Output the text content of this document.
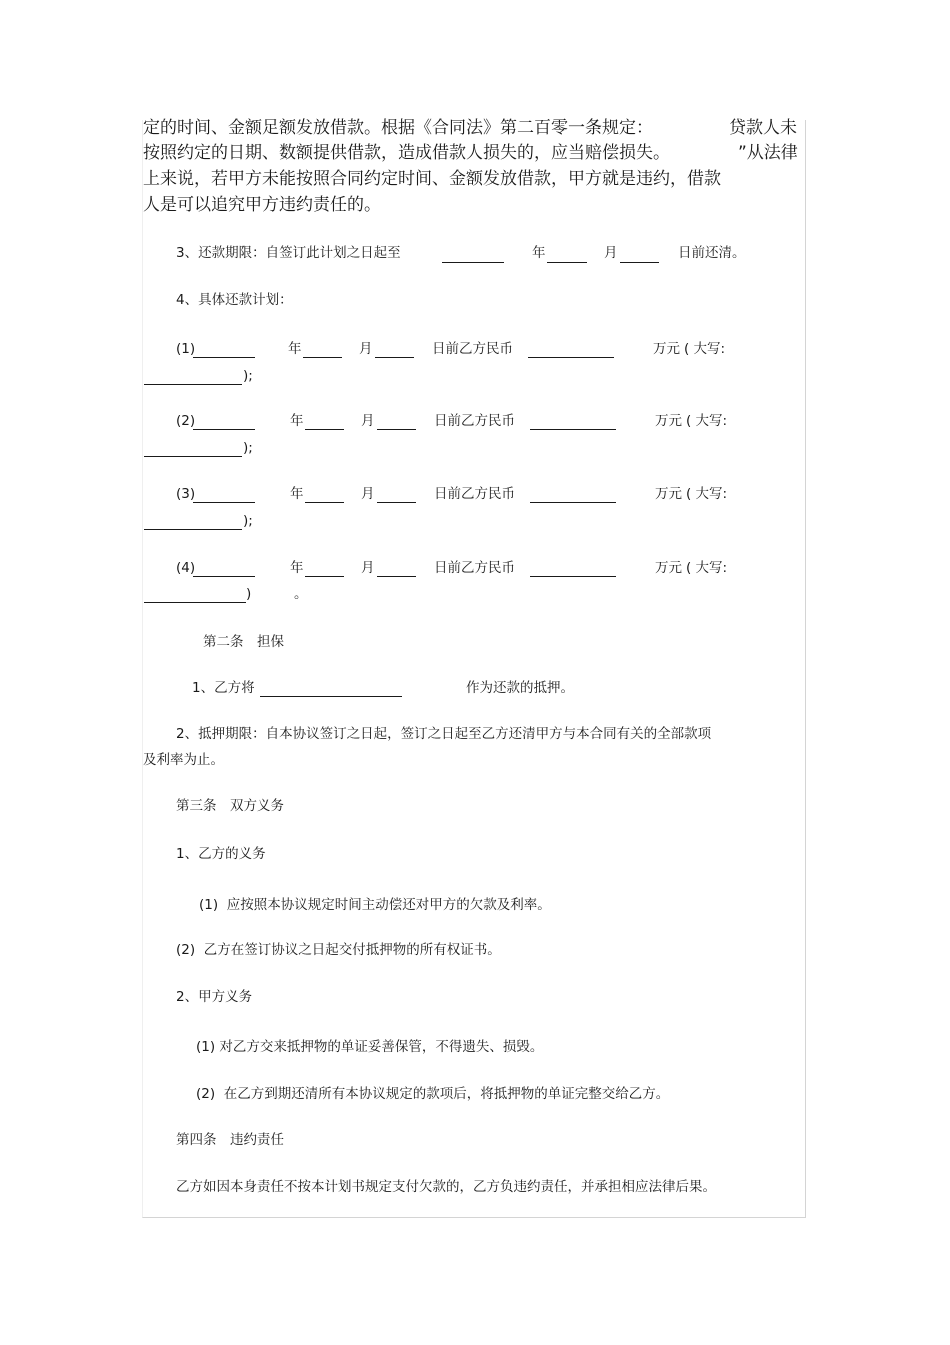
定的时间、金额足额发放借款。根据《合同法》第二百零一条规定：	贷款人未
按照约定的日期、数额提供借款，造成借款人损失的，应当赔偿损失。	”从法律
上来说，若甲方未能按照合同约定时间、金额发放借款，甲方就是违约，借款
人是可以追究甲方违约责任的。
3、还款期限：自签订此计划之日起至	年	月	日前还清。
4、具体还款计划：
(1)	年	月	日前乙方民币	万元 ( 大写:
);
(2)	年	月	日前乙方民币	万元 ( 大写:
);
(3)	年	月	日前乙方民币	万元 ( 大写:
);
(4)	年	月	日前乙方民币	万元 ( 大写:
)	。
第二条　担保
1、乙方将	作为还款的抵押。
2、抵押期限：自本协议签订之日起，签订之日起至乙方还清甲方与本合同有关的全部款项
及利率为止。
第三条　双方义务
1、乙方的义务
(1)  应按照本协议规定时间主动偿还对甲方的欠款及利率。
(2)  乙方在签订协议之日起交付抵押物的所有权证书。
2、甲方义务
(1) 对乙方交来抵押物的单证妥善保管，不得遗失、损毁。
(2)  在乙方到期还清所有本协议规定的款项后，将抵押物的单证完整交给乙方。
第四条　违约责任
乙方如因本身责任不按本计划书规定支付欠款的，乙方负违约责任，并承担相应法律后果。
